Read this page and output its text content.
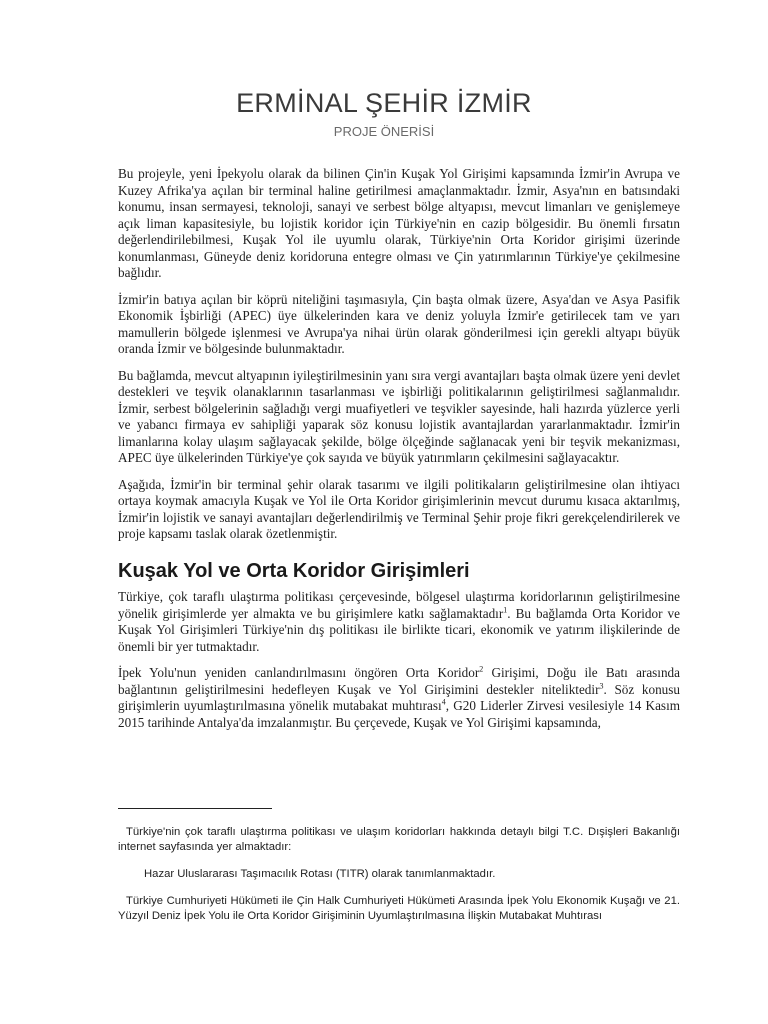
ERMİNAL ŞEHİR İZMİR
PROJE ÖNERİSİ

Bu projeyle, yeni İpekyolu olarak da bilinen Çin'in Kuşak Yol Girişimi kapsamında İzmir'in Avrupa ve Kuzey Afrika'ya açılan bir terminal haline getirilmesi amaçlanmaktadır. İzmir, Asya'nın en batısındaki konumu, insan sermayesi, teknoloji, sanayi ve serbest bölge altyapısı, mevcut limanları ve genişlemeye açık liman kapasitesiyle, bu lojistik koridor için Türkiye'nin en cazip bölgesidir. Bu önemli fırsatın değerlendirilebilmesi, Kuşak Yol ile uyumlu olarak, Türkiye'nin Orta Koridor girişimi üzerinde konumlanması, Güneyde deniz koridoruna entegre olması ve Çin yatırımlarının Türkiye'ye çekilmesine bağlıdır.

İzmir'in batıya açılan bir köprü niteliğini taşımasıyla, Çin başta olmak üzere, Asya'dan ve Asya Pasifik Ekonomik İşbirliği (APEC) üye ülkelerinden kara ve deniz yoluyla İzmir'e getirilecek tam ve yarı mamullerin bölgede işlenmesi ve Avrupa'ya nihai ürün olarak gönderilmesi için gerekli altyapı büyük oranda İzmir ve bölgesinde bulunmaktadır.

Bu bağlamda, mevcut altyapının iyileştirilmesinin yanı sıra vergi avantajları başta olmak üzere yeni devlet destekleri ve teşvik olanaklarının tasarlanması ve işbirliği politikalarının geliştirilmesi sağlanmalıdır. İzmir, serbest bölgelerinin sağladığı vergi muafiyetleri ve teşvikler sayesinde, hali hazırda yüzlerce yerli ve yabancı firmaya ev sahipliği yaparak söz konusu lojistik avantajlardan yararlanmaktadır. İzmir'in limanlarına kolay ulaşım sağlayacak şekilde, bölge ölçeğinde sağlanacak yeni bir teşvik mekanizması, APEC üye ülkelerinden Türkiye'ye çok sayıda ve büyük yatırımların çekilmesini sağlayacaktır.

Aşağıda, İzmir'in bir terminal şehir olarak tasarımı ve ilgili politikaların geliştirilmesine olan ihtiyacı ortaya koymak amacıyla Kuşak ve Yol ile Orta Koridor girişimlerinin mevcut durumu kısaca aktarılmış, İzmir'in lojistik ve sanayi avantajları değerlendirilmiş ve Terminal Şehir proje fikri gerekçelendirilerek ve proje kapsamı taslak olarak özetlenmiştir.

Kuşak Yol ve Orta Koridor Girişimleri

Türkiye, çok taraflı ulaştırma politikası çerçevesinde, bölgesel ulaştırma koridorlarının geliştirilmesine yönelik girişimlerde yer almakta ve bu girişimlere katkı sağlamaktadır$^1$. Bu bağlamda Orta Koridor ve Kuşak Yol Girişimleri Türkiye'nin dış politikası ile birlikte ticari, ekonomik ve yatırım ilişkilerinde de önemli bir yer tutmaktadır.

İpek Yolu'nun yeniden canlandırılmasını öngören Orta Koridor$^2$ Girişimi, Doğu ile Batı arasında bağlantının geliştirilmesini hedefleyen Kuşak ve Yol Girişimini destekler niteliktedir$^3$. Söz konusu girişimlerin uyumlaştırılmasına yönelik mutabakat muhtırası$^4$, G20 Liderler Zirvesi vesilesiyle 14 Kasım 2015 tarihinde Antalya'da imzalanmıştır. Bu çerçevede, Kuşak ve Yol Girişimi kapsamında,

Türkiye'nin çok taraflı ulaştırma politikası ve ulaşım koridorları hakkında detaylı bilgi T.C. Dışişleri Bakanlığı internet sayfasında yer almaktadır:
Hazar Uluslararası Taşımacılık Rotası (TITR) olarak tanımlanmaktadır.
Türkiye Cumhuriyeti Hükümeti ile Çin Halk Cumhuriyeti Hükümeti Arasında İpek Yolu Ekonomik Kuşağı ve 21. Yüzyıl Deniz İpek Yolu ile Orta Koridor Girişiminin Uyumlaştırılmasına İlişkin Mutabakat Muhtırası
